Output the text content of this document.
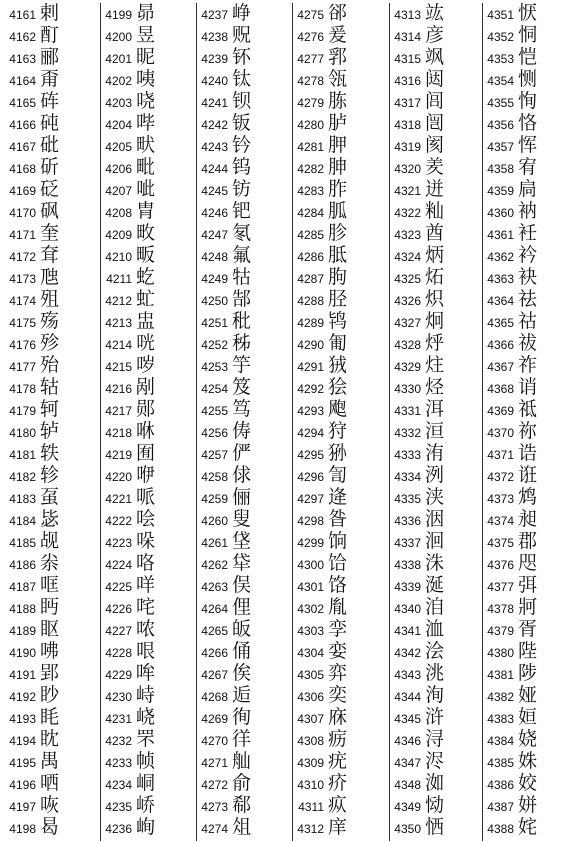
4161 剌
4162 酊
4163 郦
4164 甭
4165 砗
4166 砘
4167 砒
4168 斫
4169 砭
4170 砜
4171 奎
4172 耷
4173 虺
4174 殂
4175 殇
4176 殄
4177 殆
4178 轱
4179 轲
4180 轳
4181 轶
4182 轸
4183 虿
4184 毖
4185 觇
4186 尜
4187 哐
4188 眄
4189 眍
4190 咈
4191 郢
4192 眇
4193 眊
4194 眈
4195 禺
4196 哂
4197 咴
4198 曷
4199 昴
4200 昱
4201 昵
4202 咦
4203 哓
4204 哔
4205 畎
4206 毗
4207 呲
4208 胄
4209 畋
4210 畈
4211 虼
4212 虻
4213 盅
4214 咣
4215 哕
4216 剐
4217 郧
4218 咻
4219 囿
4220 咿
4221 哌
4222 哙
4223 哚
4224 咯
4225 咩
4226 咤
4227 哝
4228 哏
4229 哞
4230 峙
4231 峣
4232 罘
4233 帧
4234 峒
4235 峤
4236 峋
4237 峥
4238 贶
4239 钚
4240 钛
4241 钡
4242 钣
4243 钤
4244 钨
4245 钫
4246 钯
4247 氡
4248 氟
4249 牯
4250 郜
4251 秕
4252 秭
4253 竽
4254 笈
4255 笃
4256 俦
4257 俨
4258 俅
4259 俪
4260 叟
4261 垡
4262 牮
4263 俣
4264 俚
4265 皈
4266 俑
4267 俟
4268 逅
4269 徇
4270 徉
4271 舢
4272 俞
4273 郗
4274 俎
4275 郤
4276 爰
4277 郛
4278 瓴
4279 胨
4280 胪
4281 胛
4282 胂
4283 胙
4284 胍
4285 胗
4286 胝
4287 朐
4288 胫
4289 鸨
4290 匍
4291 狨
4292 狯
4293 飑
4294 狩
4295 狲
4296 訇
4297 逄
4298 昝
4299 饷
4300 饸
4301 饹
4302 胤
4303 孪
4304 娈
4305 弈
4306 奕
4307 庥
4308 疬
4309 疣
4310 疥
4311 疭
4312 庠
4313 竑
4314 彦
4315 飒
4316 闼
4317 闾
4318 闿
4319 阂
4320 羑
4321 迸
4322 籼
4323 酋
4324 炳
4325 炻
4326 炽
4327 炯
4328 烀
4329 炷
4330 烃
4331 洱
4332 洹
4333 洧
4334 洌
4335 浃
4336 洇
4337 洄
4338 洙
4339 涎
4340 洎
4341 洫
4342 浍
4343 洮
4344 洵
4345 浒
4346 浔
4347 浕
4348 洳
4349 恸
4350 恓
4351 恹
4352 恫
4353 恺
4354 恻
4355 恂
4356 恪
4357 恽
4358 宥
4359 扃
4360 衲
4361 衽
4362 衿
4363 袂
4364 祛
4365 祜
4366 祓
4367 祚
4368 诮
4369 祗
4370 祢
4371 诰
4372 诳
4373 鸩
4374 昶
4375 郡
4376 咫
4377 弭
4378 牁
4379 胥
4380 陛
4381 陟
4382 娅
4383 姮
4384 娆
4385 姝
4386 姣
4387 姘
4388 姹
